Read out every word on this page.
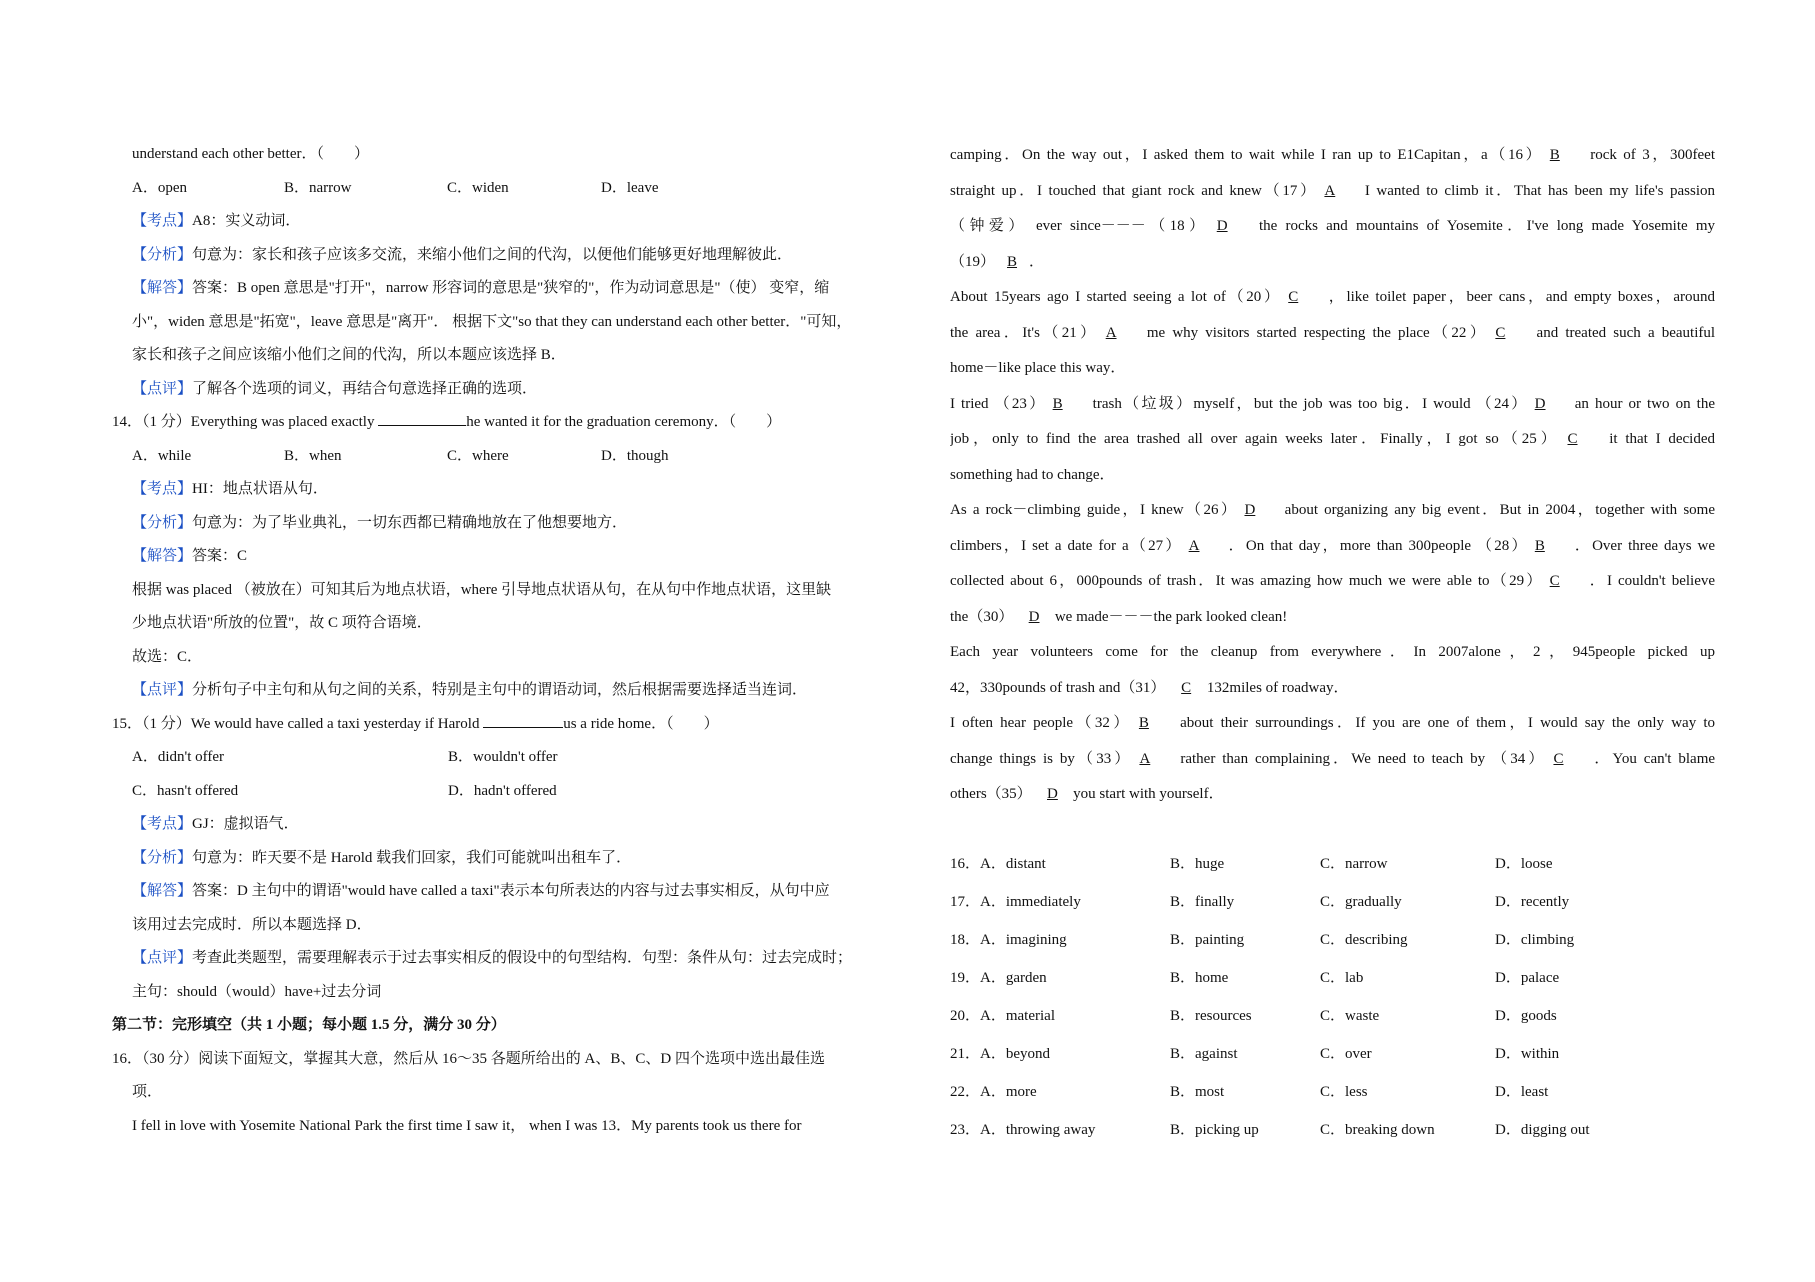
understand each other better．（　　）
A．open	B．narrow	C．widen	D．leave
【考点】A8：实义动词．
【分析】句意为：家长和孩子应该多交流，来缩小他们之间的代沟，以便他们能够更好地理解彼此．
【解答】答案：B open 意思是"打开"，narrow 形容词的意思是"狭窄的"，作为动词意思是"（使） 变窄，缩
小"，widen 意思是"拓宽"，leave 意思是"离开"． 根据下文"so that they can understand each other better．"可知，
家长和孩子之间应该缩小他们之间的代沟，所以本题应该选择 B．
【点评】了解各个选项的词义，再结合句意选择正确的选项．
14．（1 分）Everything was placed exactly	he wanted it for the graduation ceremony．（　　）
A．while	B．when	C．where	D．though
【考点】HI：地点状语从句．
【分析】句意为：为了毕业典礼，一切东西都已精确地放在了他想要地方．
【解答】答案：C
根据 was placed （被放在）可知其后为地点状语，where 引导地点状语从句，在从句中作地点状语，这里缺
少地点状语"所放的位置"，故 C 项符合语境．
故选：C．
【点评】分析句子中主句和从句之间的关系，特别是主句中的谓语动词，然后根据需要选择适当连词．
15．（1 分）We would have called a taxi yesterday if Harold	us a ride home．（　　）
A．didn't offer	B．wouldn't offer
C．hasn't offered	D．hadn't offered
【考点】GJ：虚拟语气．
【分析】句意为：昨天要不是 Harold 载我们回家，我们可能就叫出租车了．
【解答】答案：D 主句中的谓语"would have called a taxi"表示本句所表达的内容与过去事实相反，从句中应
该用过去完成时．所以本题选择 D．
【点评】考查此类题型，需要理解表示于过去事实相反的假设中的句型结构．句型：条件从句：过去完成时；
主句：should（would）have+过去分词
第二节：完形填空（共 1 小题；每小题 1.5 分，满分 30 分）
16．（30 分）阅读下面短文，掌握其大意，然后从 16～35 各题所给出的 A、B、C、D 四个选项中选出最佳选
项．
I fell in love with Yosemite National Park the first time I saw it， when I was 13．My parents took us there for
camping．On the way out，I asked them to wait while I ran up to E1Capitan，a（16） B rock of 3，300feet
straight up．I touched that giant rock and knew（17） A I wanted to climb it．That has been my life's passion
（钟爱） ever since－－－（18） D the rocks and mountains of Yosemite．I've long made Yosemite my
（19） B ．
About 15years ago I started seeing a lot of（20） C ，like toilet paper，beer cans，and empty boxes，around
the area．It's（21） A me why visitors started respecting the place（22） C and treated such a beautiful
home－like place this way．
I tried （23） B trash（垃圾）myself，but the job was too big．I would （24） D an hour or two on the
job，only to find the area trashed all over again weeks later．Finally，I got so（25） C it that I decided
something had to change．
As a rock－climbing guide，I knew（26） D about organizing any big event．But in 2004，together with some
climbers，I set a date for a（27） A ．On that day，more than 300people （28） B ．Over three days we
collected about 6，000pounds of trash．It was amazing how much we were able to（29） C ．I couldn't believe
the（30） D we made－－－the park looked clean!
Each year volunteers come for the cleanup from everywhere．In 2007alone，2，945people picked up
42，330pounds of trash and（31） C 132miles of roadway．
I often hear people（32） B about their surroundings．If you are one of them，I would say the only way to
change things is by（33） A rather than complaining．We need to teach by （34） C ．You can't blame
others（35） D you start with yourself．
16．A．distant	B．huge	C．narrow	D．loose
17．A．immediately	B．finally	C．gradually	D．recently
18．A．imagining	B．painting	C．describing	D．climbing
19．A．garden	B．home	C．lab	D．palace
20．A．material	B．resources	C．waste	D．goods
21．A．beyond	B．against	C．over	D．within
22．A．more	B．most	C．less	D．least
23．A．throwing away	B．picking up	C．breaking down	D．digging out
